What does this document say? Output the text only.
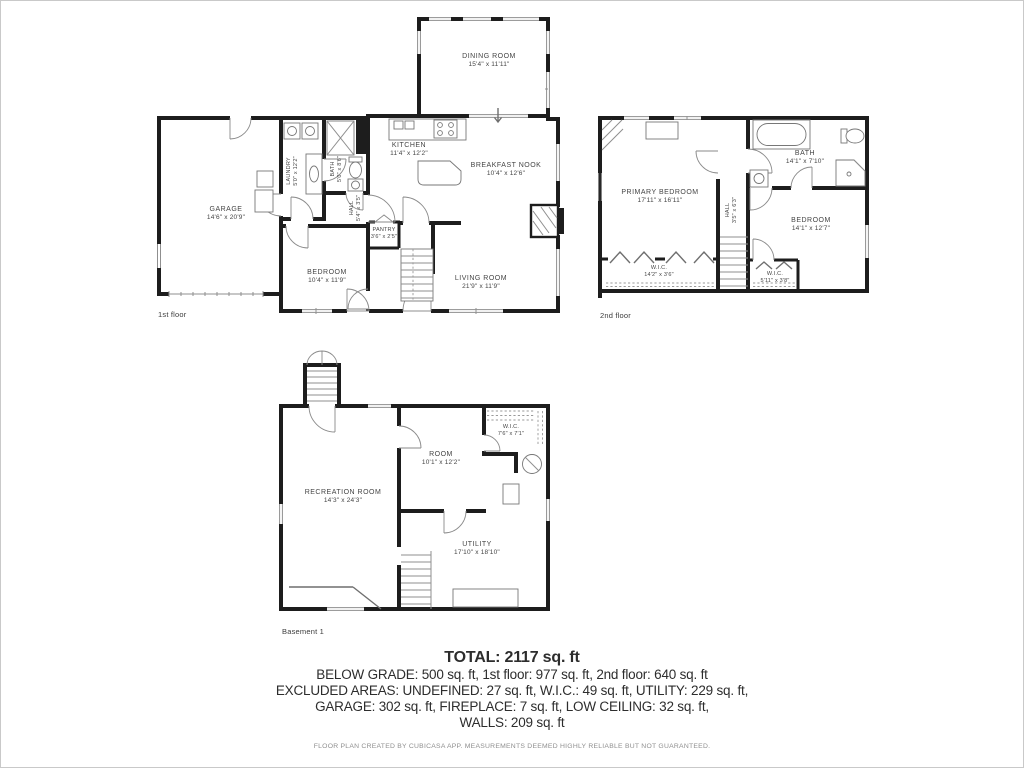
GARAGE
14'6" x 20'9"
LAUNDRY 5'0" x 12'2"	BATH 5'0" x 8'6"
HALL 5'4" x 3'5"
PANTRY
3'6" x 2'5"
DINING ROOM
15'4" x 11'11"
KITCHEN
11'4" x 12'2"
BREAKFAST NOOK
10'4" x 12'6"
BEDROOM
10'4" x 11'9"	LIVING ROOM
21'9" x 11'9"
1st floor
PRIMARY BEDROOM
17'11" x 16'11"
HALL 3'5" x 6'3"
BATH
14'1" x 7'10"
BEDROOM
14'1" x 12'7"
W.I.C.
14'2" x 3'6"	W.I.C.
5'11" x 3'8"
2nd floor
RECREATION ROOM
14'3" x 24'3"
ROOM
10'1" x 12'2"
W.I.C.
7'6" x 7'1"
UTILITY
17'10" x 18'10"
Basement 1
TOTAL: 2117 sq. ft
BELOW GRADE: 500 sq. ft, 1st floor: 977 sq. ft, 2nd floor: 640 sq. ft
EXCLUDED AREAS: UNDEFINED: 27 sq. ft, W.I.C.: 49 sq. ft, UTILITY: 229 sq. ft,
GARAGE: 302 sq. ft, FIREPLACE: 7 sq. ft, LOW CEILING: 32 sq. ft,
WALLS: 209 sq. ft
FLOOR PLAN CREATED BY CUBICASA APP. MEASUREMENTS DEEMED HIGHLY RELIABLE BUT NOT GUARANTEED.
